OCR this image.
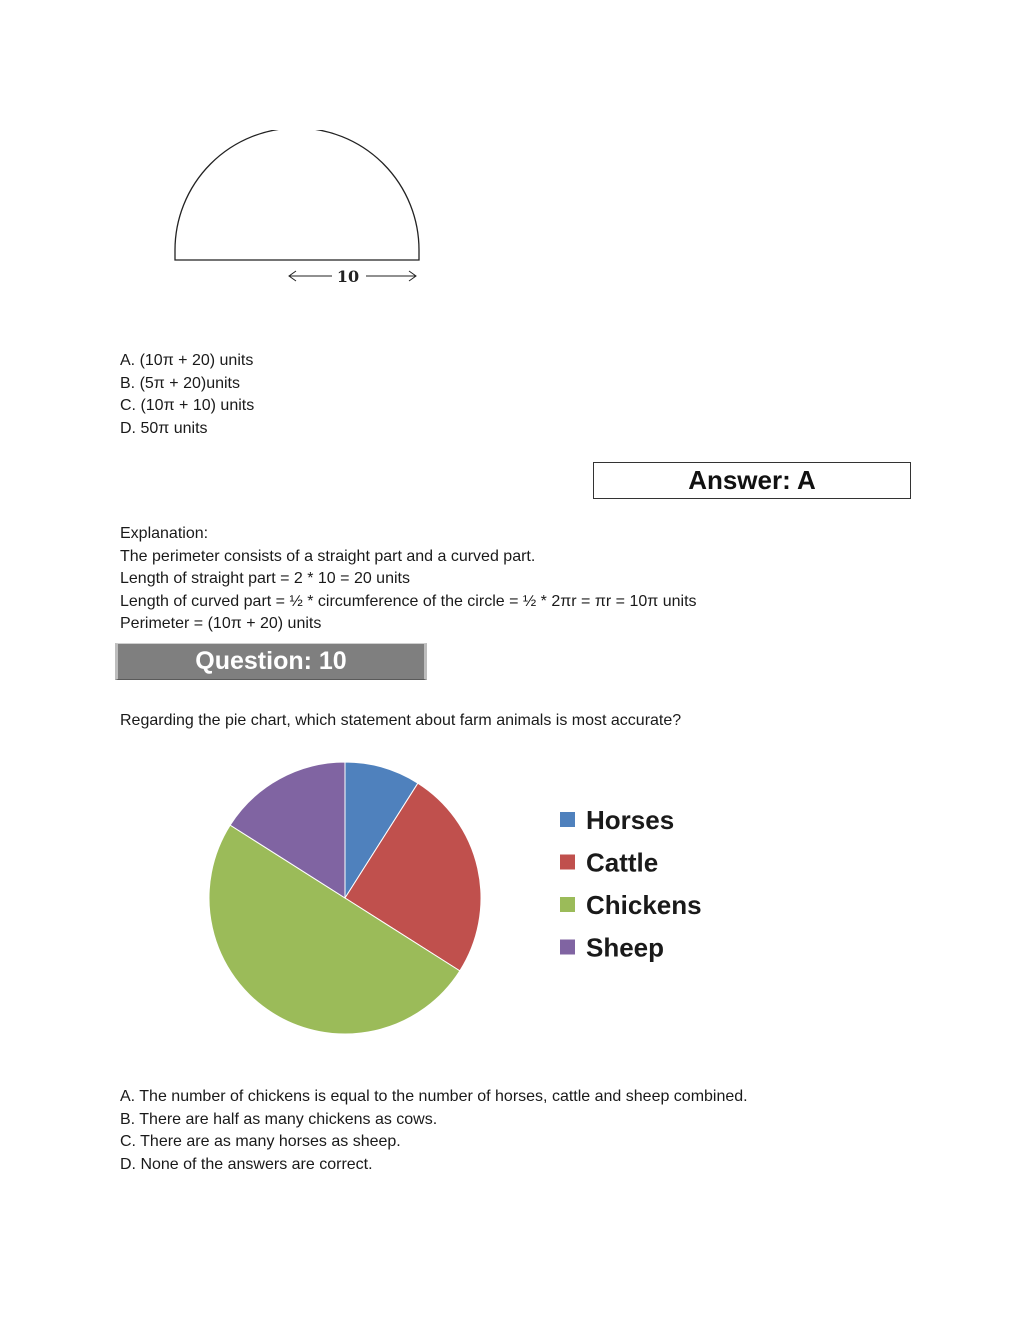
10
A. (10π + 20) units
B. (5π + 20)units
C. (10π + 10) units
D. 50π units
Answer: A
Explanation:
The perimeter consists of a straight part and a curved part.
Length of straight part = 2 * 10 = 20 units
Length of curved part = ½ * circumference of the circle = ½ * 2πr = πr = 10π units
Perimeter = (10π + 20) units
Question: 10
Regarding the pie chart, which statement about farm animals is most accurate?
Horses
Cattle
Chickens
Sheep
A. The number of chickens is equal to the number of horses, cattle and sheep combined.
B. There are half as many chickens as cows.
C. There are as many horses as sheep.
D. None of the answers are correct.
